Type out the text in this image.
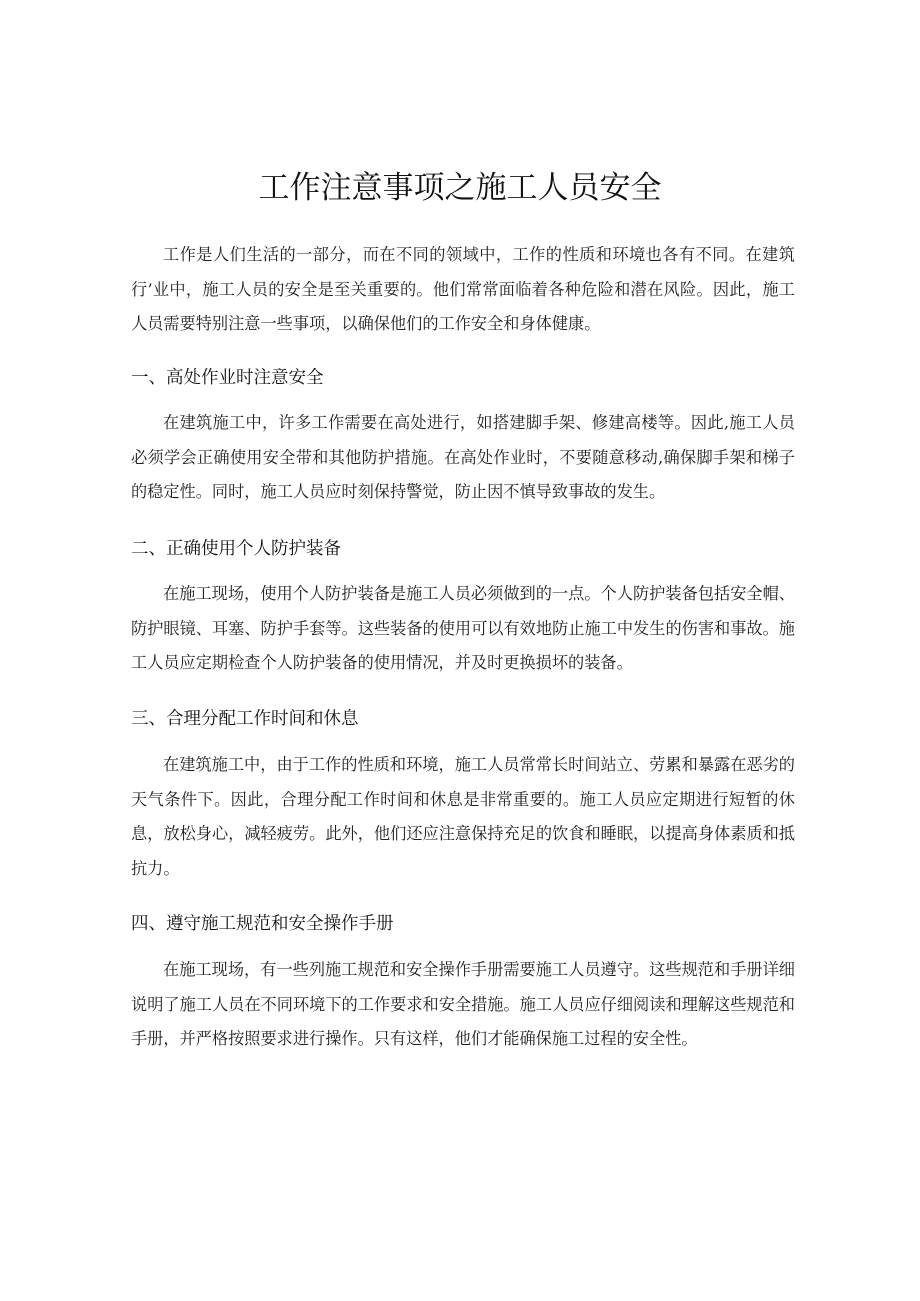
工作注意事项之施工人员安全

工作是人们生活的一部分，而在不同的领域中，工作的性质和环境也各有不同。在建筑行’业中，施工人员的安全是至关重要的。他们常常面临着各种危险和潜在风险。因此，施工人员需要特别注意一些事项，以确保他们的工作安全和身体健康。

一、高处作业时注意安全

在建筑施工中，许多工作需要在高处进行，如搭建脚手架、修建高楼等。因此,施工人员必须学会正确使用安全带和其他防护措施。在高处作业时，不要随意移动,确保脚手架和梯子的稳定性。同时，施工人员应时刻保持警觉，防止因不慎导致事故的发生。

二、正确使用个人防护装备

在施工现场，使用个人防护装备是施工人员必须做到的一点。个人防护装备包括安全帽、防护眼镜、耳塞、防护手套等。这些装备的使用可以有效地防止施工中发生的伤害和事故。施工人员应定期检查个人防护装备的使用情况，并及时更换损坏的装备。

三、合理分配工作时间和休息

在建筑施工中，由于工作的性质和环境，施工人员常常长时间站立、劳累和暴露在恶劣的天气条件下。因此，合理分配工作时间和休息是非常重要的。施工人员应定期进行短暂的休息，放松身心，减轻疲劳。此外，他们还应注意保持充足的饮食和睡眠，以提高身体素质和抵抗力。

四、遵守施工规范和安全操作手册

在施工现场，有一些列施工规范和安全操作手册需要施工人员遵守。这些规范和手册详细说明了施工人员在不同环境下的工作要求和安全措施。施工人员应仔细阅读和理解这些规范和手册，并严格按照要求进行操作。只有这样，他们才能确保施工过程的安全性。
